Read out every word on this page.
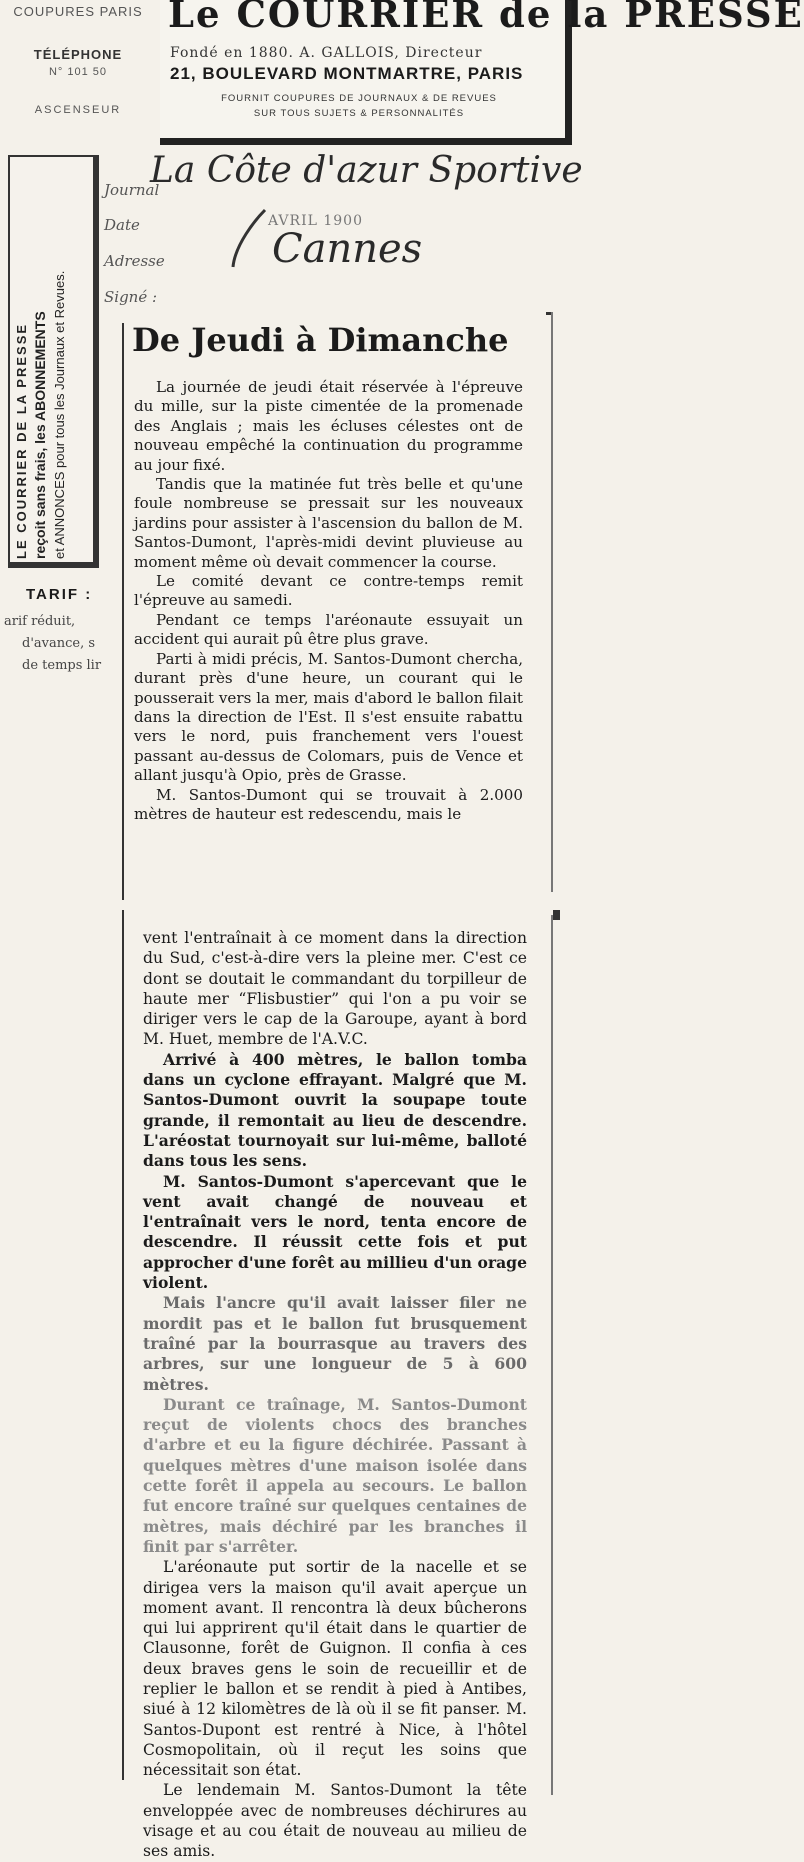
COUPURES PARIS
TÉLÉPHONE
N° 101 50
ASCENSEUR
Le COURRIER de la PRESSE
Fondé en 1880. A. GALLOIS, Directeur
21, BOULEVARD MONTMARTRE, PARIS
FOURNIT COUPURES DE JOURNAUX & DE REVUES
SUR TOUS SUJETS & PERSONNALITÉS
LE COURRIER DE LA PRESSE reçoit sans frais, les ABONNEMENTS et ANNONCES pour tous les Journaux et Revues.
TARIF :
arif réduit,
d'avance, s
de temps lir
Journal
Date
Adresse
Signé :
La Côte d'azur Sportive
AVRIL 1900
Cannes
De Jeudi à Dimanche

La journée de jeudi était réservée à l'épreuve du mille, sur la piste cimentée de la promenade des Anglais ; mais les écluses célestes ont de nouveau empêché la continuation du programme au jour fixé.

Tandis que la matinée fut très belle et qu'une foule nombreuse se pressait sur les nouveaux jardins pour assister à l'ascension du ballon de M. Santos-Dumont, l'après-midi devint pluvieuse au moment même où devait commencer la course.

Le comité devant ce contre-temps remit l'épreuve au samedi.

Pendant ce temps l'aréonaute essuyait un accident qui aurait pû être plus grave.

Parti à midi précis, M. Santos-Dumont chercha, durant près d'une heure, un courant qui le pousserait vers la mer, mais d'abord le ballon filait dans la direction de l'Est. Il s'est ensuite rabattu vers le nord, puis franchement vers l'ouest passant au-dessus de Colomars, puis de Vence et allant jusqu'à Opio, près de Grasse.

M. Santos-Dumont qui se trouvait à 2.000 mètres de hauteur est redescendu, mais le

vent l'entraînait à ce moment dans la direction du Sud, c'est-à-dire vers la pleine mer. C'est ce dont se doutait le commandant du torpilleur de haute mer “Flisbustier” qui l'on a pu voir se diriger vers le cap de la Garoupe, ayant à bord M. Huet, membre de l'A.V.C.

Arrivé à 400 mètres, le ballon tomba dans un cyclone effrayant. Malgré que M. Santos-Dumont ouvrit la soupape toute grande, il remontait au lieu de descendre. L'aréostat tournoyait sur lui-même, balloté dans tous les sens.

M. Santos-Dumont s'apercevant que le vent avait changé de nouveau et l'entraînait vers le nord, tenta encore de descendre. Il réussit cette fois et put approcher d'une forêt au millieu d'un orage violent.

Mais l'ancre qu'il avait laisser filer ne mordit pas et le ballon fut brusquement traîné par la bourrasque au travers des arbres, sur une longueur de 5 à 600 mètres.

Durant ce traînage, M. Santos-Dumont reçut de violents chocs des branches d'arbre et eu la figure déchirée. Passant à quelques mètres d'une maison isolée dans cette forêt il appela au secours. Le ballon fut encore traîné sur quelques centaines de mètres, mais déchiré par les branches il finit par s'arrêter.

L'aréonaute put sortir de la nacelle et se dirigea vers la maison qu'il avait aperçue un moment avant. Il rencontra là deux bûcherons qui lui apprirent qu'il était dans le quartier de Clausonne, forêt de Guignon. Il confia à ces deux braves gens le soin de recueillir et de replier le ballon et se rendit à pied à Antibes, siué à 12 kilomètres de là où il se fit panser. M. Santos-Dupont est rentré à Nice, à l'hôtel Cosmopolitain, où il reçut les soins que nécessitait son état.

Le lendemain M. Santos-Dumont la tête enveloppée avec de nombreuses déchirures au visage et au cou était de nouveau au milieu de ses amis.
